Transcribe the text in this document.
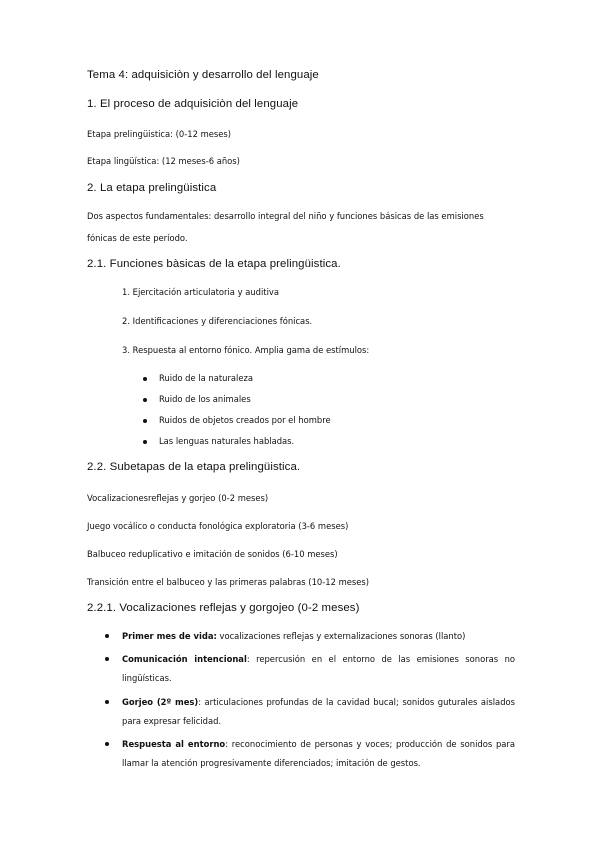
Tema 4: adquisiciòn y desarrollo del lenguaje
1. El proceso de adquisiciòn del lenguaje
Etapa prelingüistica: (0-12 meses)
Etapa lingüística: (12 meses-6 años)
2. La etapa prelingüistica
Dos aspectos fundamentales: desarrollo integral del niño y funciones básicas de las emisiones
fónicas de este período.
2.1. Funciones bàsicas de la etapa prelingüistica.
1. Ejercitación articulatoria y auditiva
2. Identificaciones y diferenciaciones fónicas.
3. Respuesta al entorno fónico. Amplia gama de estímulos:
Ruido de la naturaleza
Ruido de los animales
Ruidos de objetos creados por el hombre
Las lenguas naturales habladas.
2.2. Subetapas de la etapa prelingüistica.
Vocalizacionesreflejas y gorjeo (0-2 meses)
Juego vocálico o conducta fonológica exploratoria (3-6 meses)
Balbuceo reduplicativo e imitación de sonidos (6-10 meses)
Transición entre el balbuceo y las primeras palabras (10-12 meses)
2.2.1. Vocalizaciones reflejas y gorgojeo (0-2 meses)
Primer mes de vida: vocalizaciones reflejas y externalizaciones sonoras (llanto)
Comunicación intencional: repercusión en el entorno de las emisiones sonoras no lingüísticas.
Gorjeo (2º mes): articulaciones profundas de la cavidad bucal; sonidos guturales aislados para expresar felicidad.
Respuesta al entorno: reconocimiento de personas y voces; producción de sonidos para llamar la atención progresivamente diferenciados; imitación de gestos.
